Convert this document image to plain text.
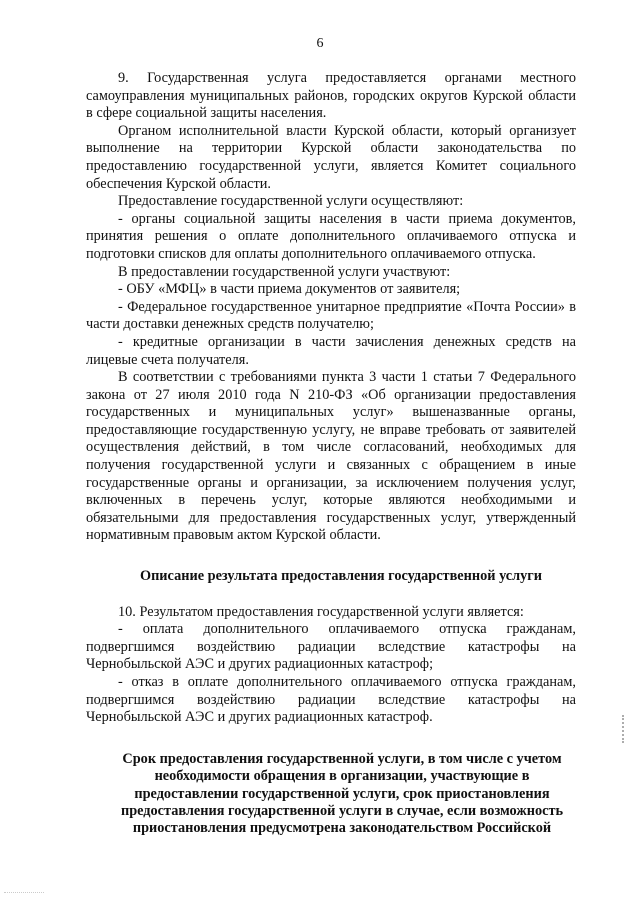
6

9. Государственная услуга предоставляется органами местного самоуправления муниципальных районов, городских округов Курской области в сфере социальной защиты населения.

Органом исполнительной власти Курской области, который организует выполнение на территории Курской области законодательства по предоставлению государственной услуги, является Комитет социального обеспечения Курской области.

Предоставление государственной услуги осуществляют:

- органы социальной защиты населения в части приема документов, принятия решения о оплате дополнительного оплачиваемого отпуска и подготовки списков для оплаты дополнительного оплачиваемого отпуска.

В предоставлении государственной услуги участвуют:

- ОБУ «МФЦ» в части приема документов от заявителя;

- Федеральное государственное унитарное предприятие «Почта России» в части доставки денежных средств получателю;

- кредитные организации в части зачисления денежных средств на лицевые счета получателя.

В соответствии с требованиями пункта 3 части 1 статьи 7 Федерального закона от 27 июля 2010 года N 210-ФЗ «Об организации предоставления государственных и муниципальных услуг» вышеназванные органы, предоставляющие государственную услугу, не вправе требовать от заявителей осуществления действий, в том числе согласований, необходимых для получения государственной услуги и связанных с обращением в иные государственные органы и организации, за исключением получения услуг, включенных в перечень услуг, которые являются необходимыми и обязательными для предоставления государственных услуг, утвержденный нормативным правовым актом Курской области.

Описание результата предоставления государственной услуги

10. Результатом предоставления государственной услуги является:

- оплата дополнительного оплачиваемого отпуска гражданам, подвергшимся воздействию радиации вследствие катастрофы на Чернобыльской АЭС и других радиационных катастроф;

- отказ в оплате дополнительного оплачиваемого отпуска гражданам, подвергшимся воздействию радиации вследствие катастрофы на Чернобыльской АЭС и других радиационных катастроф.

Срок предоставления государственной услуги, в том числе с учетом необходимости обращения в организации, участвующие в предоставлении государственной услуги, срок приостановления предоставления государственной услуги в случае, если возможность приостановления предусмотрена законодательством Российской
